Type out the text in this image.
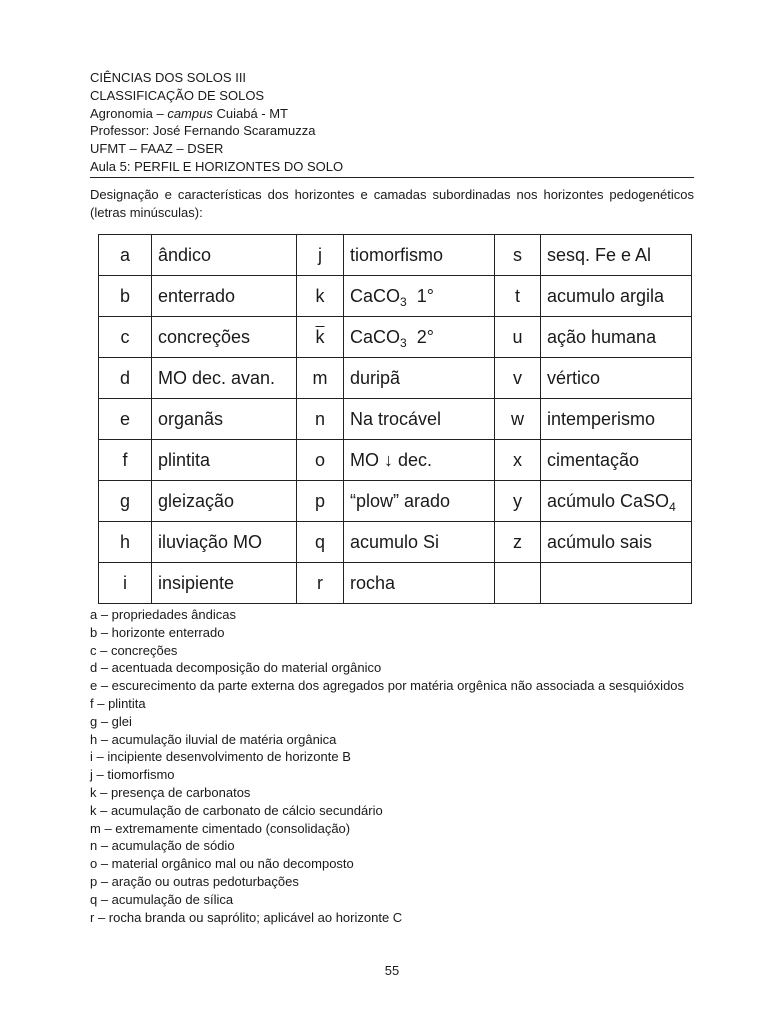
CIÊNCIAS DOS SOLOS III
CLASSIFICAÇÃO DE SOLOS
Agronomia – campus Cuiabá - MT
Professor: José Fernando Scaramuzza
UFMT – FAAZ – DSER
Aula 5: PERFIL E HORIZONTES DO SOLO
Designação e características dos horizontes e camadas subordinadas nos horizontes pedogenéticos (letras minúsculas):
a	ândico	j	tiomorfismo	s	sesq. Fe e Al
b	enterrado	k	CaCO$_3$ 1°	t	acumulo argila
c	concreções	$\overline{k}$	CaCO$_3$ 2°	u	ação humana
d	MO dec. avan.	m	duripã	v	vértico
e	organãs	n	Na trocável	w	intemperismo
f	plintita	o	MO ↓ dec.	x	cimentação
g	gleização	p	“plow” arado	y	acúmulo CaSO$_4$
h	iluviação MO	q	acumulo Si	z	acúmulo sais
i	insipiente	r	rocha		
a – propriedades ândicas
b – horizonte enterrado
c – concreções
d – acentuada decomposição do material orgânico
e – escurecimento da parte externa dos agregados por matéria orgênica não associada a sesquióxidos
f – plintita
g – glei
h – acumulação iluvial de matéria orgânica
i – incipiente desenvolvimento de horizonte B
j – tiomorfismo
k – presença de carbonatos
k – acumulação de carbonato de cálcio secundário
m – extremamente cimentado (consolidação)
n – acumulação de sódio
o – material orgânico mal ou não decomposto
p – aração ou outras pedoturbações
q – acumulação de sílica
r – rocha branda ou saprólito; aplicável ao horizonte C
55
